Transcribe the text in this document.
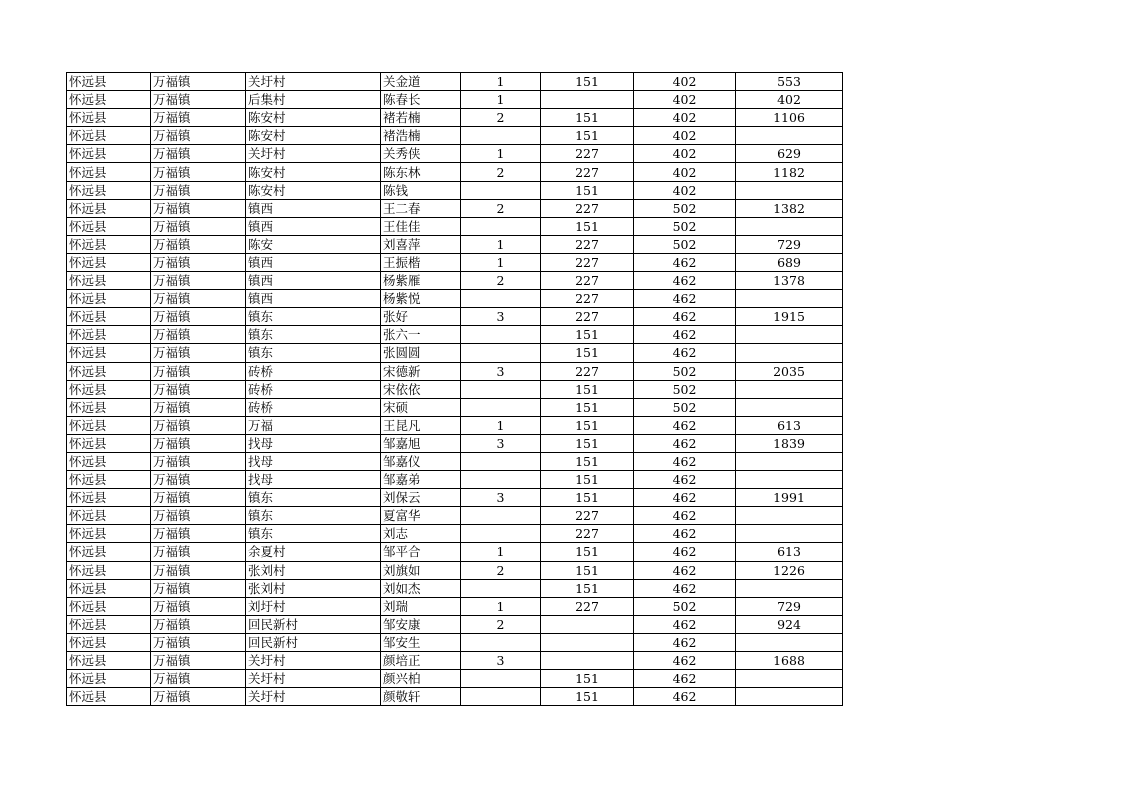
怀远县	万福镇	关圩村	关金道	1	151	402	553
怀远县	万福镇	后集村	陈春长	1		402	402
怀远县	万福镇	陈安村	褚若楠	2	151	402	1106
怀远县	万福镇	陈安村	褚浩楠		151	402	
怀远县	万福镇	关圩村	关秀侠	1	227	402	629
怀远县	万福镇	陈安村	陈东林	2	227	402	1182
怀远县	万福镇	陈安村	陈钱		151	402	
怀远县	万福镇	镇西	王二春	2	227	502	1382
怀远县	万福镇	镇西	王佳佳		151	502	
怀远县	万福镇	陈安	刘喜萍	1	227	502	729
怀远县	万福镇	镇西	王振楷	1	227	462	689
怀远县	万福镇	镇西	杨紫雁	2	227	462	1378
怀远县	万福镇	镇西	杨紫悦		227	462	
怀远县	万福镇	镇东	张好	3	227	462	1915
怀远县	万福镇	镇东	张六一		151	462	
怀远县	万福镇	镇东	张圆圆		151	462	
怀远县	万福镇	砖桥	宋德新	3	227	502	2035
怀远县	万福镇	砖桥	宋依依		151	502	
怀远县	万福镇	砖桥	宋硕		151	502	
怀远县	万福镇	万福	王昆凡	1	151	462	613
怀远县	万福镇	找母	邹嘉旭	3	151	462	1839
怀远县	万福镇	找母	邹嘉仪		151	462	
怀远县	万福镇	找母	邹嘉弟		151	462	
怀远县	万福镇	镇东	刘保云	3	151	462	1991
怀远县	万福镇	镇东	夏富华		227	462	
怀远县	万福镇	镇东	刘志		227	462	
怀远县	万福镇	余夏村	邹平合	1	151	462	613
怀远县	万福镇	张刘村	刘旗如	2	151	462	1226
怀远县	万福镇	张刘村	刘如杰		151	462	
怀远县	万福镇	刘圩村	刘瑞	1	227	502	729
怀远县	万福镇	回民新村	邹安康	2		462	924
怀远县	万福镇	回民新村	邹安生			462	
怀远县	万福镇	关圩村	颜培正	3		462	1688
怀远县	万福镇	关圩村	颜兴柏		151	462	
怀远县	万福镇	关圩村	颜敬轩		151	462	
